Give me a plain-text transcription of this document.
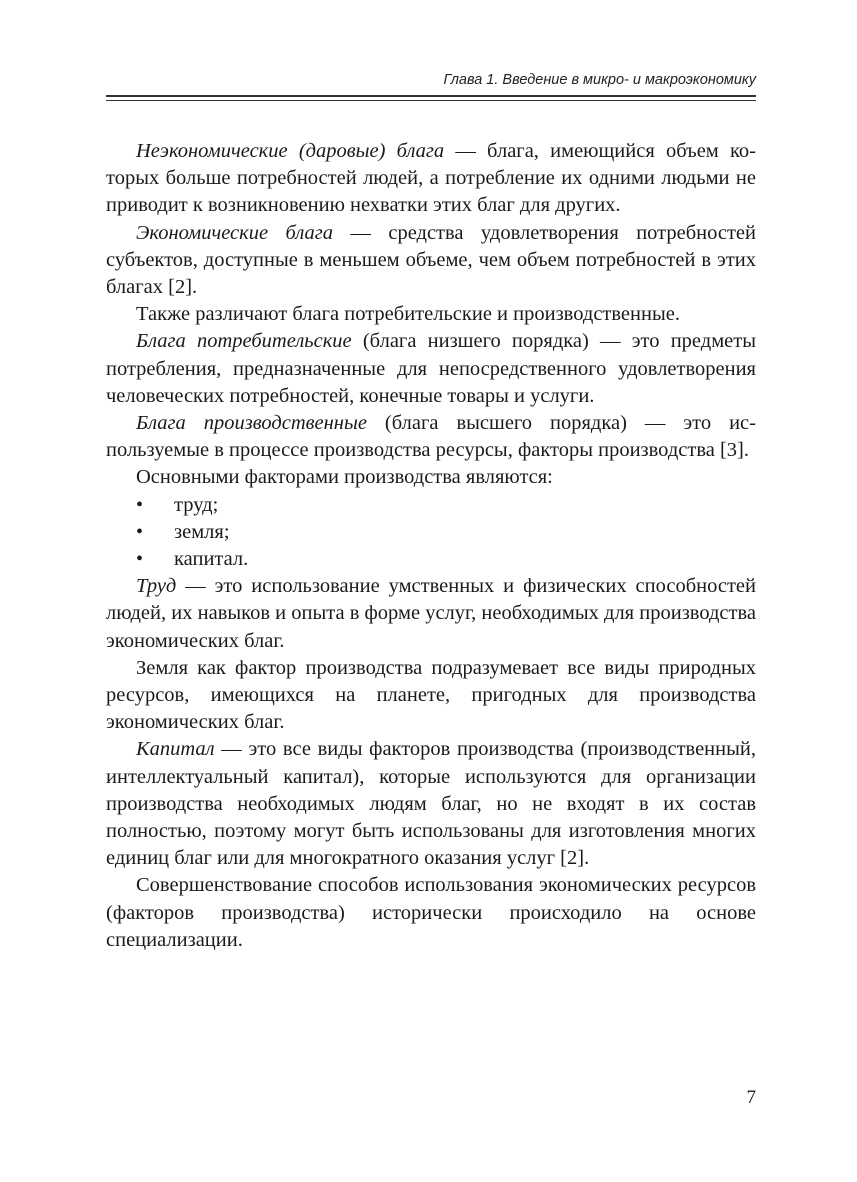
Глава 1. Введение в микро- и макроэкономику

Неэкономические (даровые) блага — блага, имеющийся объем которых больше потребностей людей, а потребление их одними людьми не приводит к возникновению нехватки этих благ для других.

Экономические блага — средства удовлетворения потребностей субъектов, доступные в меньшем объеме, чем объем потребностей в этих благах [2].

Также различают блага потребительские и производственные.

Блага потребительские (блага низшего порядка) — это предметы потребления, предназначенные для непосредственного удовлетворения человеческих потребностей, конечные товары и услуги.

Блага производственные (блага высшего порядка) — это используемые в процессе производства ресурсы, факторы производства [3].

Основными факторами производства являются:

• труд;
• земля;
• капитал.

Труд — это использование умственных и физических способностей людей, их навыков и опыта в форме услуг, необходимых для производства экономических благ.

Земля как фактор производства подразумевает все виды природных ресурсов, имеющихся на планете, пригодных для производства экономических благ.

Капитал — это все виды факторов производства (производственный, интеллектуальный капитал), которые используются для организации производства необходимых людям благ, но не входят в их состав полностью, поэтому могут быть использованы для изготовления многих единиц благ или для многократного оказания услуг [2].

Совершенствование способов использования экономических ресурсов (факторов производства) исторически происходило на основе специализации.

7
